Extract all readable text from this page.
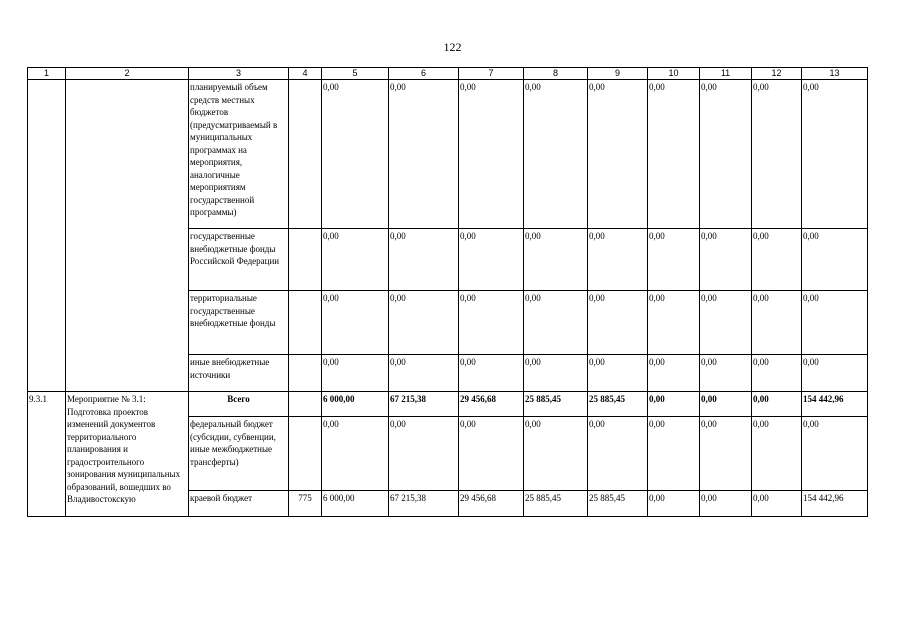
122
1	2	3	4	5	6	7	8	9	10	11	12	13
		планируемый объем средств местных бюджетов (предусматриваемый в муниципальных программах на мероприятия, аналогичные мероприятиям государственной программы)		0,00	0,00	0,00	0,00	0,00	0,00	0,00	0,00	0,00
		государственные внебюджетные фонды Российской Федерации		0,00	0,00	0,00	0,00	0,00	0,00	0,00	0,00	0,00
		территориальные государственные внебюджетные фонды		0,00	0,00	0,00	0,00	0,00	0,00	0,00	0,00	0,00
		иные внебюджетные источники		0,00	0,00	0,00	0,00	0,00	0,00	0,00	0,00	0,00
9.3.1	Мероприятие № 3.1: Подготовка проектов изменений документов территориального планирования и градостроительного зонирования муниципальных образований, вошедших во Владивостокскую	Всего		6 000,00	67 215,38	29 456,68	25 885,45	25 885,45	0,00	0,00	0,00	154 442,96
		федеральный бюджет (субсидии, субвенции, иные межбюджетные трансферты)		0,00	0,00	0,00	0,00	0,00	0,00	0,00	0,00	0,00
		краевой бюджет	775	6 000,00	67 215,38	29 456,68	25 885,45	25 885,45	0,00	0,00	0,00	154 442,96
